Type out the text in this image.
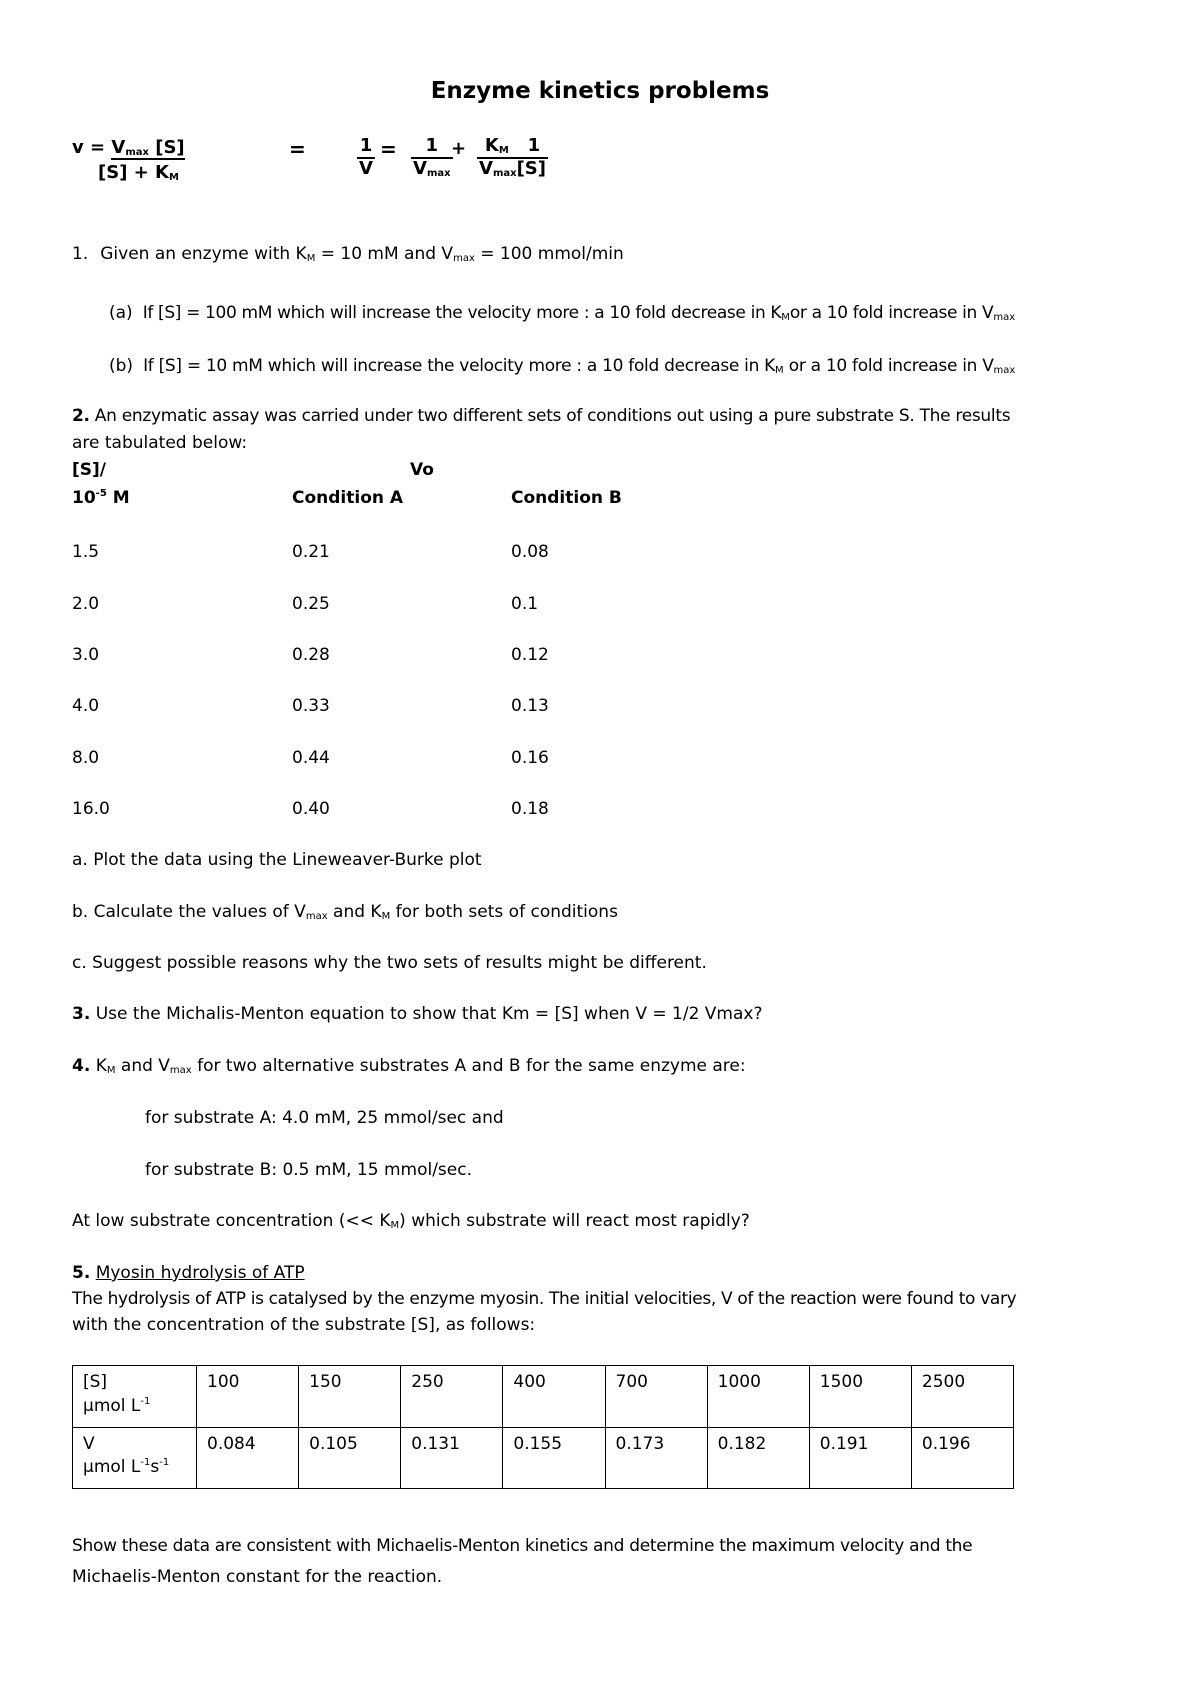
Enzyme kinetics problems
$v = V_{max}$ [S]
$[S] + K_M$
=	$\frac{1}{V}$ =	1
$V_{max}$
+	$K_M$ 1
$V_{max}[S]$
1. Given an enzyme with $K_M = 10$ mM and $V_{max} = 100$ mmol/min
(a) If [S] = 100 mM which will increase the velocity more : a 10 fold decrease in $K_Mor$ a 10 fold increase in $V_{max}$
(b) If [S] = 10 mM which will increase the velocity more : a 10 fold decrease in $K_M$ or a 10 fold increase in $V_{max}$
2. An enzymatic assay was carried under two different sets of conditions out using a pure substrate S. The results
are tabulated below:
[S]/	Vo
$10^{-5}$ M	Condition A	Condition B
1.5	0.21	0.08
2.0	0.25	0.1
3.0	0.28	0.12
4.0	0.33	0.13
8.0	0.44	0.16
16.0	0.40	0.18
a. Plot the data using the Lineweaver-Burke plot
b. Calculate the values of $V_{max}$ and $K_M$ for both sets of conditions
c. Suggest possible reasons why the two sets of results might be different.
3. Use the Michalis-Menton equation to show that Km = [S] when V = 1/2 Vmax?
4. $K_M$ and $V_{max}$ for two alternative substrates A and B for the same enzyme are:
for substrate A: 4.0 mM, 25 mmol/sec and
for substrate B: 0.5 mM, 15 mmol/sec.
At low substrate concentration (<< $K_M$) which substrate will react most rapidly?
5. Myosin hydrolysis of ATP
The hydrolysis of ATP is catalysed by the enzyme myosin. The initial velocities, V of the reaction were found to vary
with the concentration of the substrate [S], as follows:
[S]
µmol $L^{-1}$	100	150	250	400	700	1000	1500	2500
V
µmol $L^{-1}s^{-1}$	0.084	0.105	0.131	0.155	0.173	0.182	0.191	0.196
Show these data are consistent with Michaelis-Menton kinetics and determine the maximum velocity and the
Michaelis-Menton constant for the reaction.
